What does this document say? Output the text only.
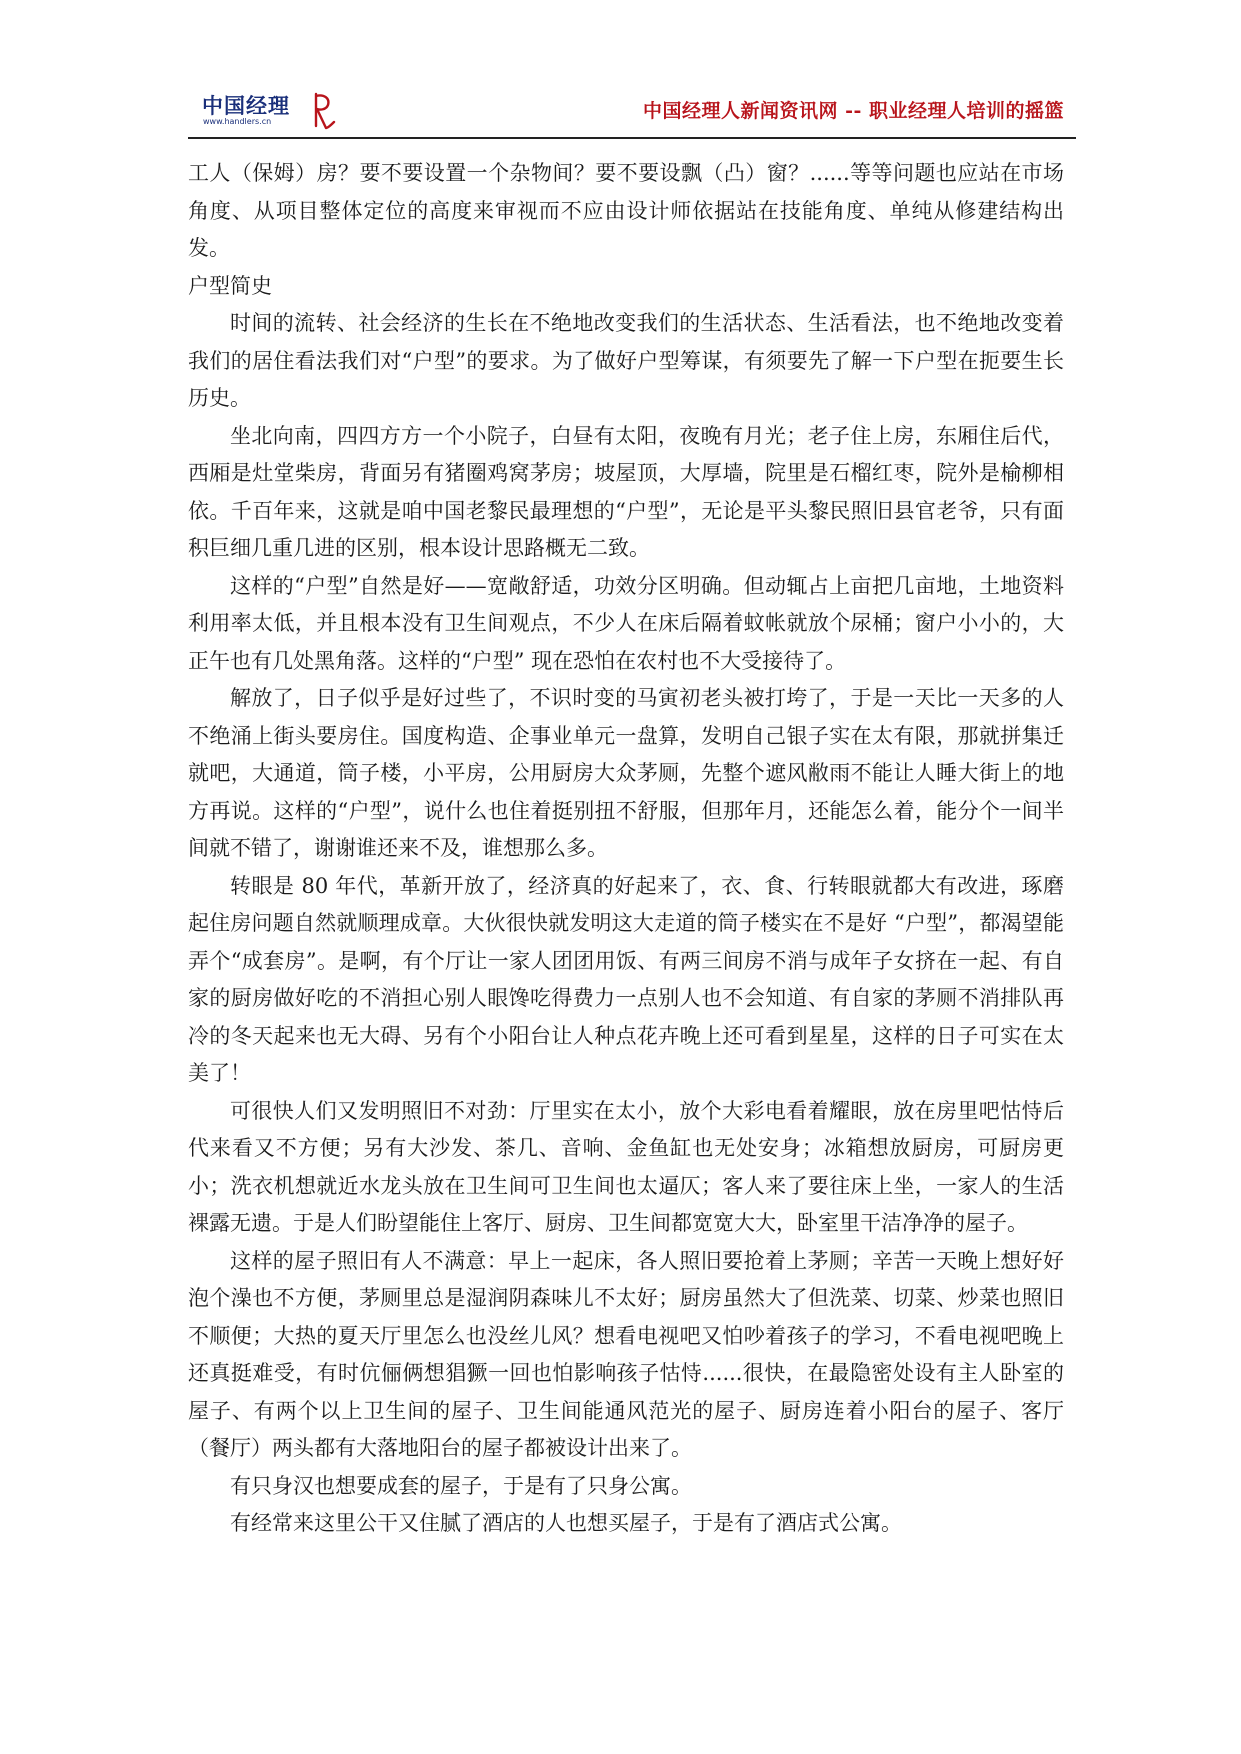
中国经理
www.handlers.cn	中国经理人新闻资讯网 -- 职业经理人培训的摇篮

工人（保姆）房？要不要设置一个杂物间？要不要设飘（凸）窗？......等等问题也应站在市场角度、从项目整体定位的高度来审视而不应由设计师依据站在技能角度、单纯从修建结构出发。

户型简史

时间的流转、社会经济的生长在不绝地改变我们的生活状态、生活看法，也不绝地改变着我们的居住看法我们对“户型”的要求。为了做好户型筹谋，有须要先了解一下户型在扼要生长历史。

坐北向南，四四方方一个小院子，白昼有太阳，夜晚有月光；老子住上房，东厢住后代，西厢是灶堂柴房，背面另有猪圈鸡窝茅房；坡屋顶，大厚墙，院里是石榴红枣，院外是榆柳相依。千百年来，这就是咱中国老黎民最理想的“户型”，无论是平头黎民照旧县官老爷，只有面积巨细几重几进的区别，根本设计思路概无二致。

这样的“户型”自然是好——宽敞舒适，功效分区明确。但动辄占上亩把几亩地，土地资料利用率太低，并且根本没有卫生间观点，不少人在床后隔着蚊帐就放个尿桶；窗户小小的，大正午也有几处黑角落。这样的“户型” 现在恐怕在农村也不大受接待了。

解放了，日子似乎是好过些了，不识时变的马寅初老头被打垮了，于是一天比一天多的人不绝涌上街头要房住。国度构造、企事业单元一盘算，发明自己银子实在太有限，那就拼集迁就吧，大通道，筒子楼，小平房，公用厨房大众茅厕，先整个遮风敝雨不能让人睡大街上的地方再说。这样的“户型”，说什么也住着挺别扭不舒服，但那年月，还能怎么着，能分个一间半间就不错了，谢谢谁还来不及，谁想那么多。

转眼是 80 年代，革新开放了，经济真的好起来了，衣、食、行转眼就都大有改进，琢磨起住房问题自然就顺理成章。大伙很快就发明这大走道的筒子楼实在不是好 “户型”，都渴望能弄个“成套房”。是啊，有个厅让一家人团团用饭、有两三间房不消与成年子女挤在一起、有自家的厨房做好吃的不消担心别人眼馋吃得费力一点别人也不会知道、有自家的茅厕不消排队再冷的冬天起来也无大碍、另有个小阳台让人种点花卉晚上还可看到星星，这样的日子可实在太美了！

可很快人们又发明照旧不对劲：厅里实在太小，放个大彩电看着耀眼，放在房里吧怙恃后代来看又不方便；另有大沙发、茶几、音响、金鱼缸也无处安身；冰箱想放厨房，可厨房更小；洗衣机想就近水龙头放在卫生间可卫生间也太逼仄；客人来了要往床上坐，一家人的生活裸露无遗。于是人们盼望能住上客厅、厨房、卫生间都宽宽大大，卧室里干洁净净的屋子。

这样的屋子照旧有人不满意：早上一起床，各人照旧要抢着上茅厕；辛苦一天晚上想好好泡个澡也不方便，茅厕里总是湿润阴森味儿不太好；厨房虽然大了但洗菜、切菜、炒菜也照旧不顺便；大热的夏天厅里怎么也没丝儿风？想看电视吧又怕吵着孩子的学习，不看电视吧晚上还真挺难受，有时伉俪俩想猖獗一回也怕影响孩子怙恃......很快，在最隐密处设有主人卧室的屋子、有两个以上卫生间的屋子、卫生间能通风范光的屋子、厨房连着小阳台的屋子、客厅（餐厅）两头都有大落地阳台的屋子都被设计出来了。

有只身汉也想要成套的屋子，于是有了只身公寓。

有经常来这里公干又住腻了酒店的人也想买屋子，于是有了酒店式公寓。
